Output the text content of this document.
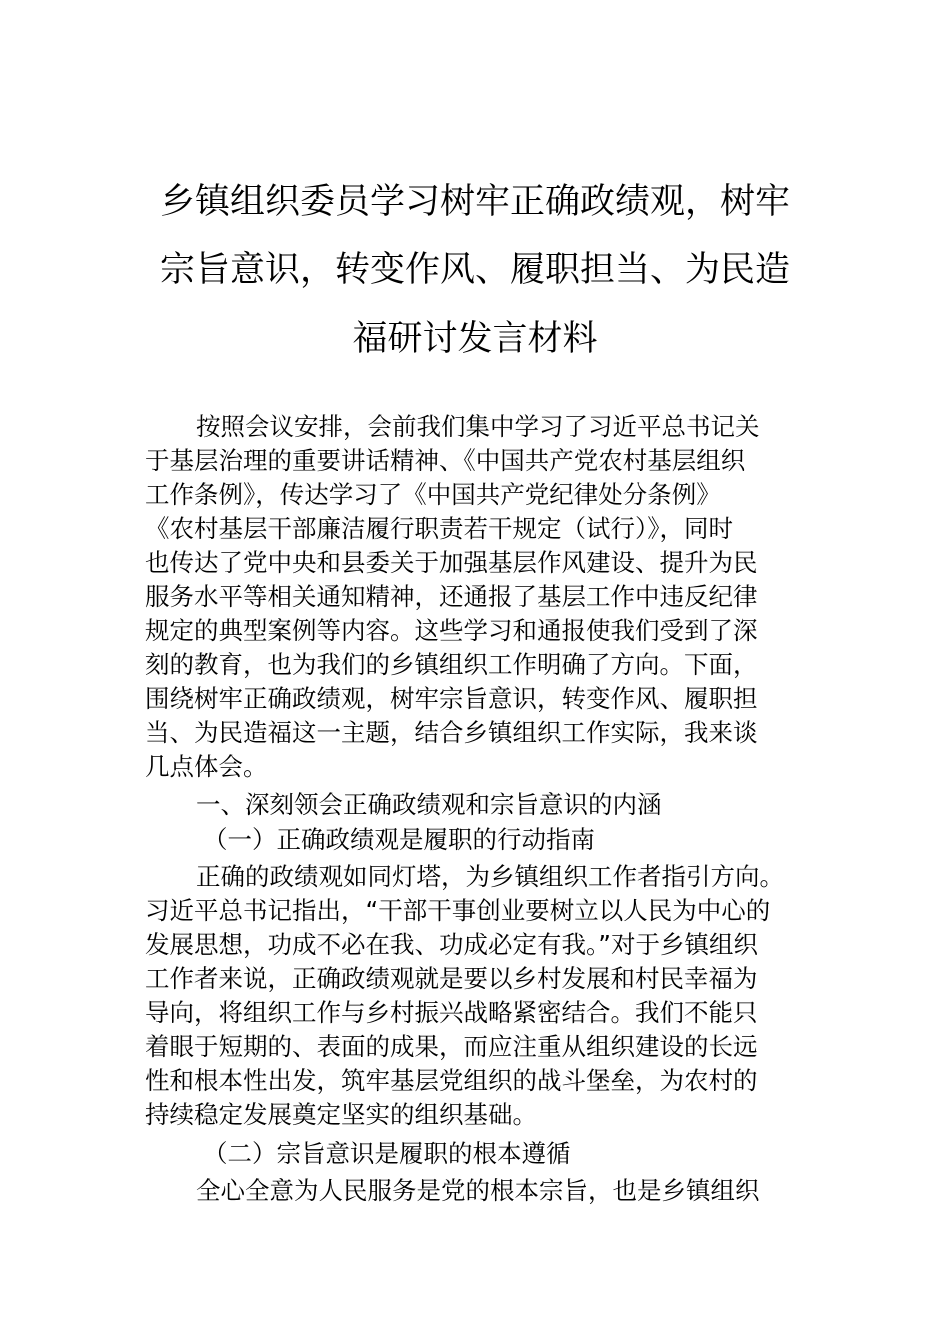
乡镇组织委员学习树牢正确政绩观，树牢
宗旨意识，转变作风、履职担当、为民造
福研讨发言材料
按照会议安排，会前我们集中学习了习近平总书记关
于基层治理的重要讲话精神、《中国共产党农村基层组织
工作条例》，传达学习了《中国共产党纪律处分条例》
《农村基层干部廉洁履行职责若干规定（试行）》，同时
也传达了党中央和县委关于加强基层作风建设、提升为民
服务水平等相关通知精神，还通报了基层工作中违反纪律
规定的典型案例等内容。这些学习和通报使我们受到了深
刻的教育，也为我们的乡镇组织工作明确了方向。下面，
围绕树牢正确政绩观，树牢宗旨意识，转变作风、履职担
当、为民造福这一主题，结合乡镇组织工作实际，我来谈
几点体会。
一、深刻领会正确政绩观和宗旨意识的内涵
（一）正确政绩观是履职的行动指南
正确的政绩观如同灯塔，为乡镇组织工作者指引方向。
习近平总书记指出，“干部干事创业要树立以人民为中心的
发展思想，功成不必在我、功成必定有我。”对于乡镇组织
工作者来说，正确政绩观就是要以乡村发展和村民幸福为
导向，将组织工作与乡村振兴战略紧密结合。我们不能只
着眼于短期的、表面的成果，而应注重从组织建设的长远
性和根本性出发，筑牢基层党组织的战斗堡垒，为农村的
持续稳定发展奠定坚实的组织基础。
（二）宗旨意识是履职的根本遵循
全心全意为人民服务是党的根本宗旨，也是乡镇组织
